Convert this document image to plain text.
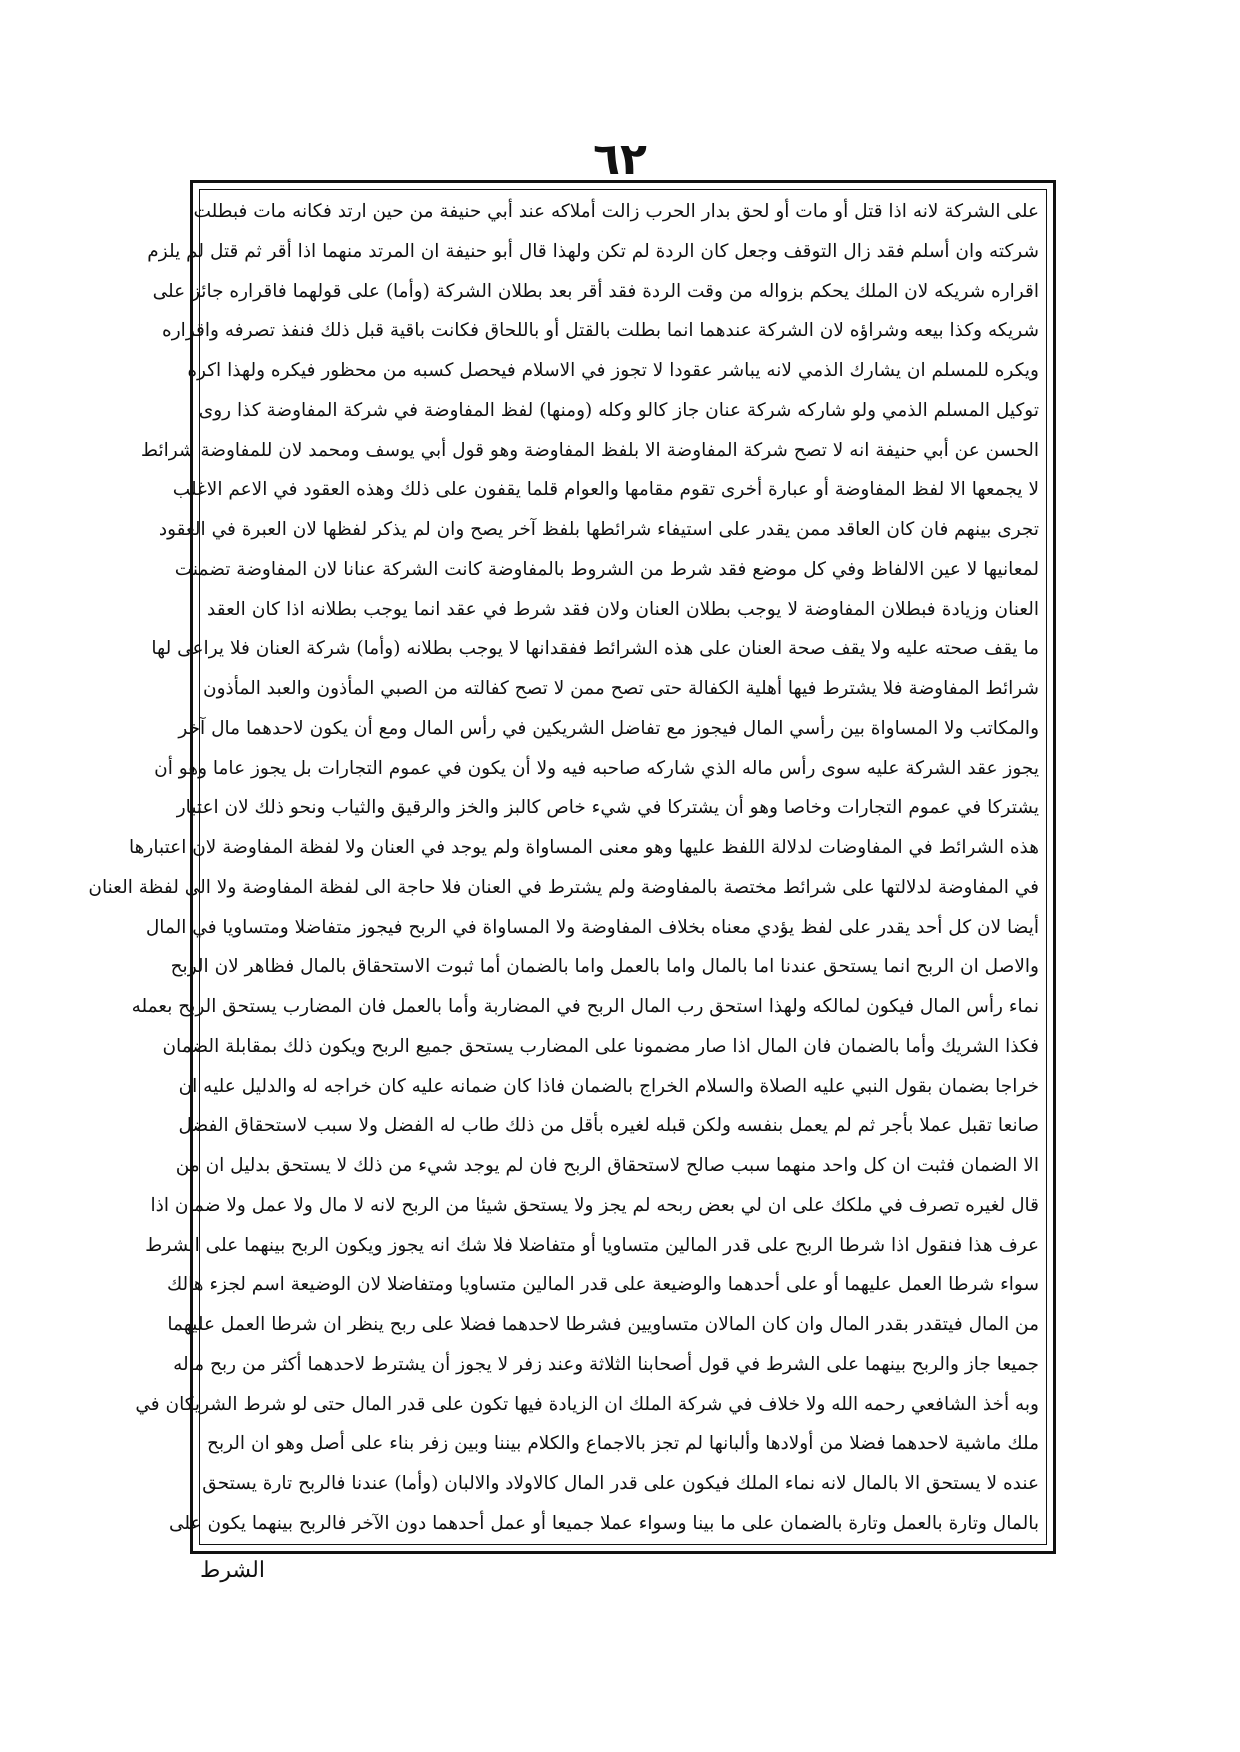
٦٢
على الشركة لانه اذا قتل أو مات أو لحق بدار الحرب زالت أملاكه عند أبي حنيفة من حين ارتد فكانه مات فبطلت
شركته وان أسلم فقد زال التوقف وجعل كان الردة لم تكن ولهذا قال أبو حنيفة ان المرتد منهما اذا أقر ثم قتل لم يلزم
اقراره شريكه لان الملك يحكم بزواله من وقت الردة فقد أقر بعد بطلان الشركة (وأما) على قولهما فاقراره جائز على
شريكه وكذا بيعه وشراؤه لان الشركة عندهما انما بطلت بالقتل أو باللحاق فكانت باقية قبل ذلك فنفذ تصرفه واقراره
ويكره للمسلم ان يشارك الذمي لانه يباشر عقودا لا تجوز في الاسلام فيحصل كسبه من محظور فيكره ولهذا اكره
توكيل المسلم الذمي ولو شاركه شركة عنان جاز كالو وكله (ومنها) لفظ المفاوضة في شركة المفاوضة كذا روى
الحسن عن أبي حنيفة انه لا تصح شركة المفاوضة الا بلفظ المفاوضة وهو قول أبي يوسف ومحمد لان للمفاوضة شرائط
لا يجمعها الا لفظ المفاوضة أو عبارة أخرى تقوم مقامها والعوام قلما يقفون على ذلك وهذه العقود في الاعم الاغلب
تجرى بينهم فان كان العاقد ممن يقدر على استيفاء شرائطها بلفظ آخر يصح وان لم يذكر لفظها لان العبرة في العقود
لمعانيها لا عين الالفاظ وفي كل موضع فقد شرط من الشروط بالمفاوضة كانت الشركة عنانا لان المفاوضة تضمنت
العنان وزيادة فبطلان المفاوضة لا يوجب بطلان العنان ولان فقد شرط في عقد انما يوجب بطلانه اذا كان العقد
ما يقف صحته عليه ولا يقف صحة العنان على هذه الشرائط ففقدانها لا يوجب بطلانه (وأما) شركة العنان فلا يراعى لها
شرائط المفاوضة فلا يشترط فيها أهلية الكفالة حتى تصح ممن لا تصح كفالته من الصبي المأذون والعبد المأذون
والمكاتب ولا المساواة بين رأسي المال فيجوز مع تفاضل الشريكين في رأس المال ومع أن يكون لاحدهما مال آخر
يجوز عقد الشركة عليه سوى رأس ماله الذي شاركه صاحبه فيه ولا أن يكون في عموم التجارات بل يجوز عاما وهو أن
يشتركا في عموم التجارات وخاصا وهو أن يشتركا في شيء خاص كالبز والخز والرقيق والثياب ونحو ذلك لان اعتبار
هذه الشرائط في المفاوضات لدلالة اللفظ عليها وهو معنى المساواة ولم يوجد في العنان ولا لفظة المفاوضة لان اعتبارها
في المفاوضة لدلالتها على شرائط مختصة بالمفاوضة ولم يشترط في العنان فلا حاجة الى لفظة المفاوضة ولا الى لفظة العنان
أيضا لان كل أحد يقدر على لفظ يؤدي معناه بخلاف المفاوضة ولا المساواة في الربح فيجوز متفاضلا ومتساويا في المال
والاصل ان الربح انما يستحق عندنا اما بالمال واما بالعمل واما بالضمان أما ثبوت الاستحقاق بالمال فظاهر لان الربح
نماء رأس المال فيكون لمالكه ولهذا استحق رب المال الربح في المضاربة وأما بالعمل فان المضارب يستحق الربح بعمله
فكذا الشريك وأما بالضمان فان المال اذا صار مضمونا على المضارب يستحق جميع الربح ويكون ذلك بمقابلة الضمان
خراجا بضمان بقول النبي عليه الصلاة والسلام الخراج بالضمان فاذا كان ضمانه عليه كان خراجه له والدليل عليه ان
صانعا تقبل عملا بأجر ثم لم يعمل بنفسه ولكن قبله لغيره بأقل من ذلك طاب له الفضل ولا سبب لاستحقاق الفضل
الا الضمان فثبت ان كل واحد منهما سبب صالح لاستحقاق الربح فان لم يوجد شيء من ذلك لا يستحق بدليل ان من
قال لغيره تصرف في ملكك على ان لي بعض ربحه لم يجز ولا يستحق شيئا من الربح لانه لا مال ولا عمل ولا ضمان اذا
عرف هذا فنقول اذا شرطا الربح على قدر المالين متساويا أو متفاضلا فلا شك انه يجوز ويكون الربح بينهما على الشرط
سواء شرطا العمل عليهما أو على أحدهما والوضيعة على قدر المالين متساويا ومتفاضلا لان الوضيعة اسم لجزء هالك
من المال فيتقدر بقدر المال وان كان المالان متساويين فشرطا لاحدهما فضلا على ربح ينظر ان شرطا العمل عليهما
جميعا جاز والربح بينهما على الشرط في قول أصحابنا الثلاثة وعند زفر لا يجوز أن يشترط لاحدهما أكثر من ربح ماله
وبه أخذ الشافعي رحمه الله ولا خلاف في شركة الملك ان الزيادة فيها تكون على قدر المال حتى لو شرط الشريكان في
ملك ماشية لاحدهما فضلا من أولادها وألبانها لم تجز بالاجماع والكلام بيننا وبين زفر بناء على أصل وهو ان الربح
عنده لا يستحق الا بالمال لانه نماء الملك فيكون على قدر المال كالاولاد والالبان (وأما) عندنا فالربح تارة يستحق
بالمال وتارة بالعمل وتارة بالضمان على ما بينا وسواء عملا جميعا أو عمل أحدهما دون الآخر فالربح بينهما يكون على
الشرط
